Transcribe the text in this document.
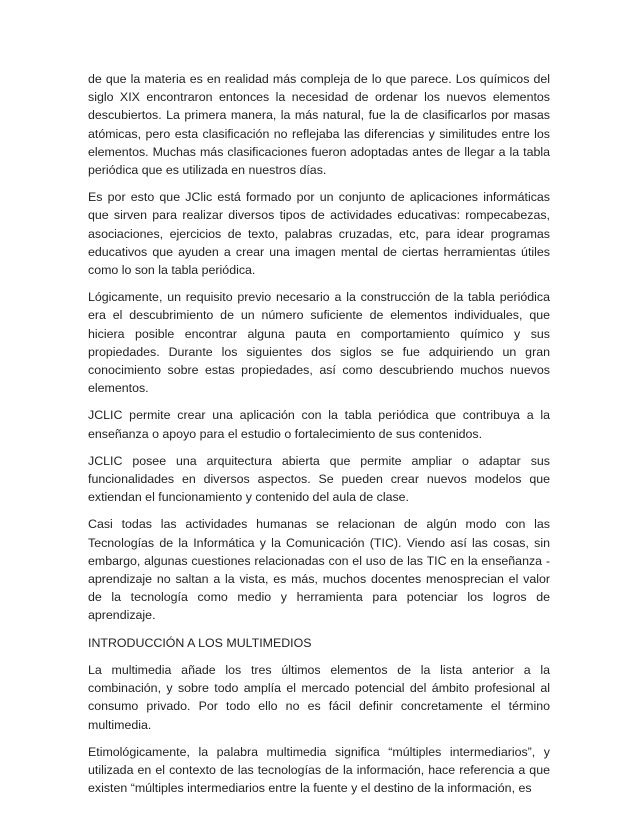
de que la materia es en realidad más compleja de lo que parece. Los químicos del siglo XIX encontraron entonces la necesidad de ordenar los nuevos elementos descubiertos. La primera manera, la más natural, fue la de clasificarlos por masas atómicas, pero esta clasificación no reflejaba las diferencias y similitudes entre los elementos. Muchas más clasificaciones fueron adoptadas antes de llegar a la tabla periódica que es utilizada en nuestros días.

Es por esto que JClic está formado por un conjunto de aplicaciones informáticas que sirven para realizar diversos tipos de actividades educativas: rompecabezas, asociaciones, ejercicios de texto, palabras cruzadas, etc, para idear programas educativos que ayuden a crear una imagen mental de ciertas herramientas útiles como lo son la tabla periódica.

Lógicamente, un requisito previo necesario a la construcción de la tabla periódica era el descubrimiento de un número suficiente de elementos individuales, que hiciera posible encontrar alguna pauta en comportamiento químico y sus propiedades. Durante los siguientes dos siglos se fue adquiriendo un gran conocimiento sobre estas propiedades, así como descubriendo muchos nuevos elementos.

JCLIC permite crear una aplicación con la tabla periódica que contribuya a la enseñanza o apoyo para el estudio o fortalecimiento de sus contenidos.

JCLIC posee una arquitectura abierta que permite ampliar o adaptar sus funcionalidades en diversos aspectos. Se pueden crear nuevos modelos que extiendan el funcionamiento y contenido del aula de clase.

Casi todas las actividades humanas se relacionan de algún modo con las Tecnologías de la Informática y la Comunicación (TIC). Viendo así las cosas, sin embargo, algunas cuestiones relacionadas con el uso de las TIC en la enseñanza - aprendizaje no saltan a la vista, es más, muchos docentes menosprecian el valor de la tecnología como medio y herramienta para potenciar los logros de aprendizaje.

INTRODUCCIÓN A LOS MULTIMEDIOS

La multimedia añade los tres últimos elementos de la lista anterior a la combinación, y sobre todo amplía el mercado potencial del ámbito profesional al consumo privado. Por todo ello no es fácil definir concretamente el término multimedia.

Etimológicamente, la palabra multimedia significa “múltiples intermediarios”, y utilizada en el contexto de las tecnologías de la información, hace referencia a que existen “múltiples intermediarios entre la fuente y el destino de la información, es
